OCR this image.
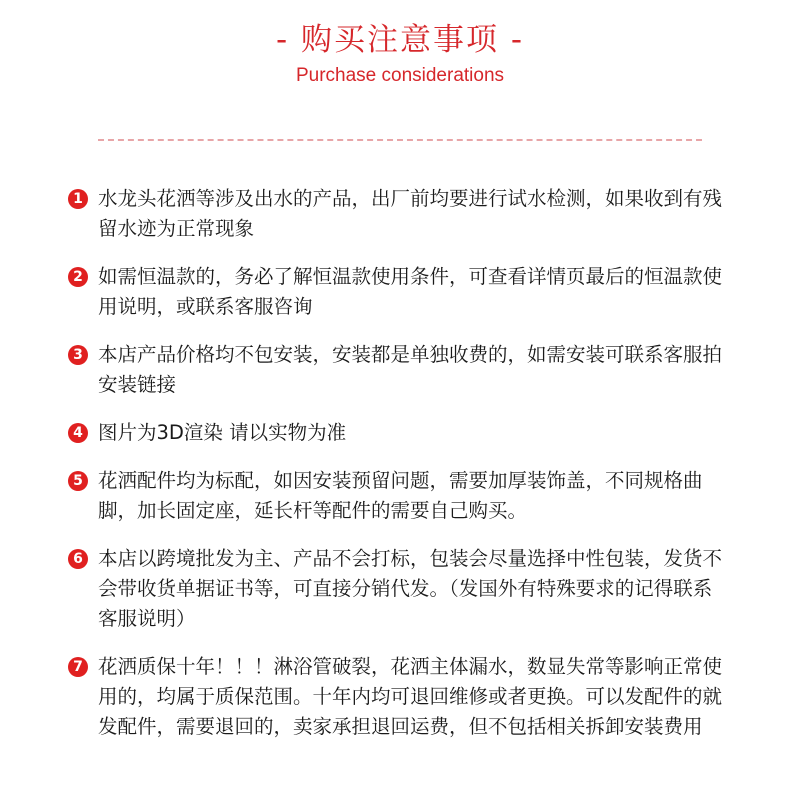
- 购买注意事项 -
Purchase considerations
1 水龙头花洒等涉及出水的产品，出厂前均要进行试水检测，如果收到有残留水迹为正常现象
2 如需恒温款的，务必了解恒温款使用条件，可查看详情页最后的恒温款使用说明，或联系客服咨询
3 本店产品价格均不包安装，安装都是单独收费的，如需安装可联系客服拍安装链接
4 图片为3D渲染 请以实物为准
5 花洒配件均为标配，如因安装预留问题，需要加厚装饰盖，不同规格曲脚，加长固定座，延长杆等配件的需要自己购买。
6 本店以跨境批发为主、产品不会打标，包装会尽量选择中性包装，发货不会带收货单据证书等，可直接分销代发。（发国外有特殊要求的记得联系客服说明）
7 花洒质保十年！！！淋浴管破裂，花洒主体漏水，数显失常等影响正常使用的，均属于质保范围。十年内均可退回维修或者更换。可以发配件的就发配件，需要退回的，卖家承担退回运费，但不包括相关拆卸安装费用
